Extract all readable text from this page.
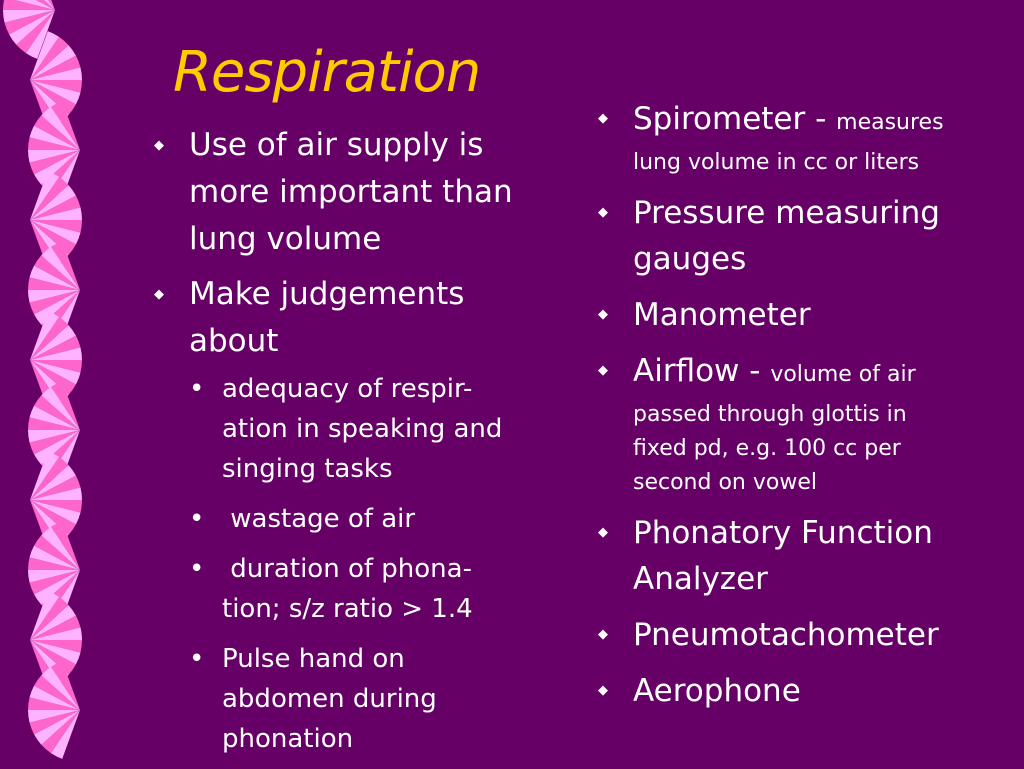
Respiration
◆ Use of air supply is
more important than
lung volume
◆ Make judgements
about
• adequacy of respir-
ation in speaking and
singing tasks
• wastage of air
• duration of phona-
tion; s/z ratio > 1.4
• Pulse hand on
abdomen during
phonation
◆ Spirometer - measures
lung volume in cc or liters
◆ Pressure measuring
gauges
◆ Manometer
◆ Airflow - volume of air
passed through glottis in
fixed pd, e.g. 100 cc per
second on vowel
◆ Phonatory Function
Analyzer
◆ Pneumotachometer
◆ Aerophone
